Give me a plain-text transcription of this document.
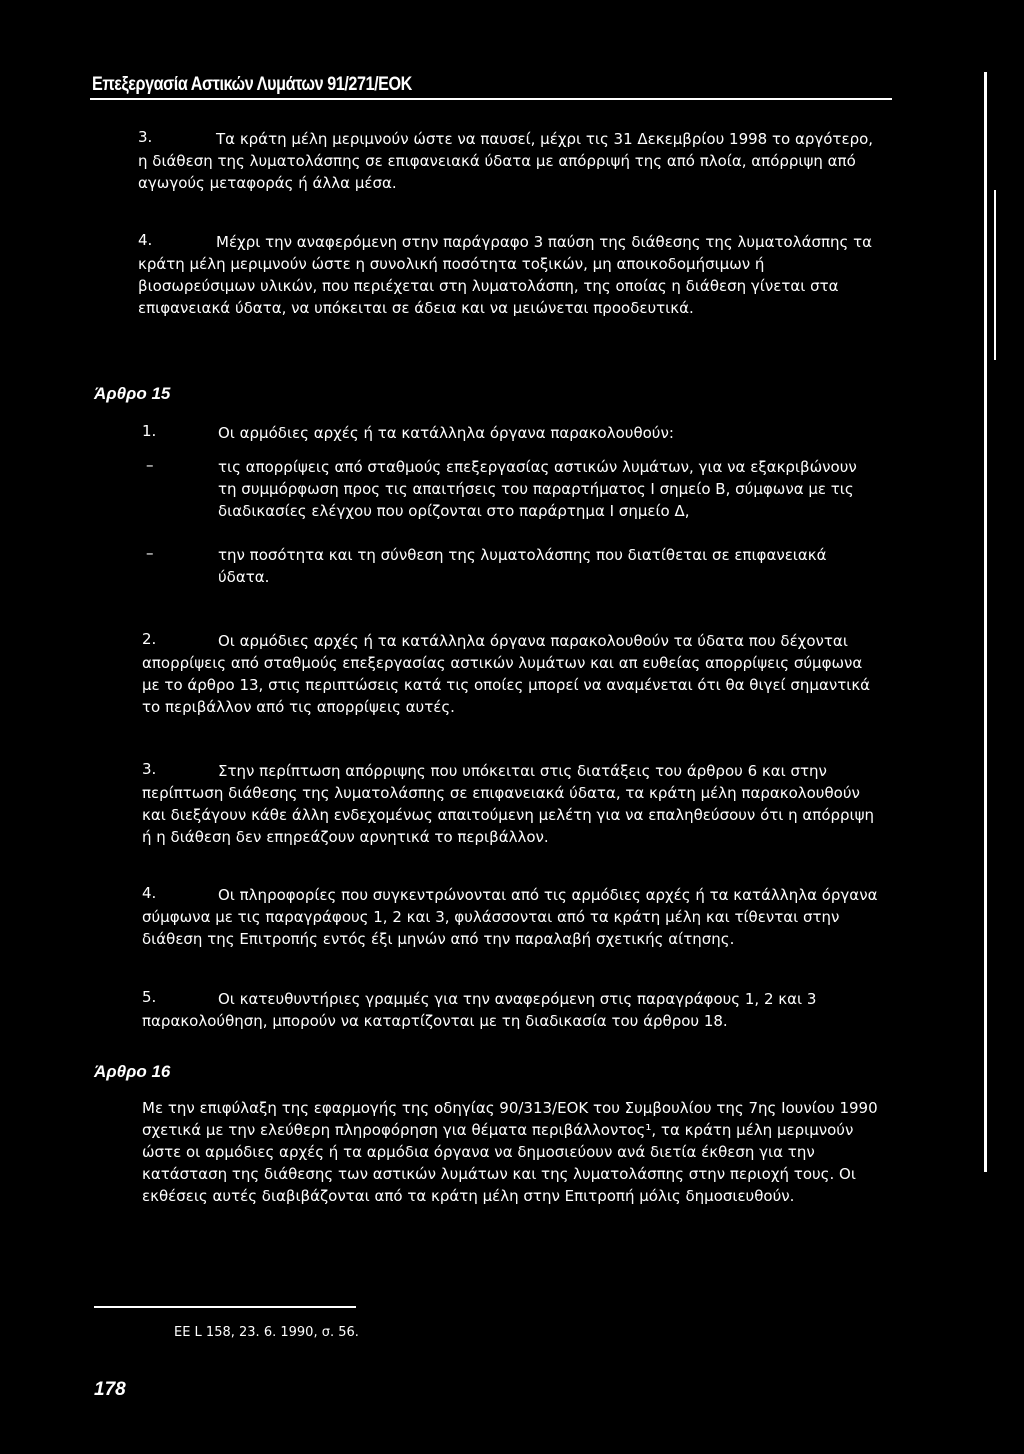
Επεξεργασία Αστικών Λυμάτων 91/271/ΕΟΚ
3.	Τα κράτη μέλη μεριμνούν ώστε να παυσεί, μέχρι τις 31 Δεκεμβρίου 1998 το αργότερο, η διάθεση της λυματολάσπης σε επιφανειακά ύδατα με απόρριψή της από πλοία, απόρριψη από αγωγούς μεταφοράς ή άλλα μέσα.
4.	Μέχρι την αναφερόμενη στην παράγραφο 3 παύση της διάθεσης της λυματολάσπης τα κράτη μέλη μεριμνούν ώστε η συνολική ποσότητα τοξικών, μη αποικοδομήσιμων ή βιοσωρεύσιμων υλικών, που περιέχεται στη λυματολάσπη, της οποίας η διάθεση γίνεται στα επιφανειακά ύδατα, να υπόκειται σε άδεια και να μειώνεται προοδευτικά.
Άρθρο 15
1.	Οι αρμόδιες αρχές ή τα κατάλληλα όργανα παρακολουθούν:
–	τις απορρίψεις από σταθμούς επεξεργασίας αστικών λυμάτων, για να εξακριβώνουν τη συμμόρφωση προς τις απαιτήσεις του παραρτήματος I σημείο Β, σύμφωνα με τις διαδικασίες ελέγχου που ορίζονται στο παράρτημα I σημείο Δ,
–	την ποσότητα και τη σύνθεση της λυματολάσπης που διατίθεται σε επιφανειακά ύδατα.
2.	Οι αρμόδιες αρχές ή τα κατάλληλα όργανα παρακολουθούν τα ύδατα που δέχονται απορρίψεις από σταθμούς επεξεργασίας αστικών λυμάτων και απ ευθείας απορρίψεις σύμφωνα με το άρθρο 13, στις περιπτώσεις κατά τις οποίες μπορεί να αναμένεται ότι θα θιγεί σημαντικά το περιβάλλον από τις απορρίψεις αυτές.
3.	Στην περίπτωση απόρριψης που υπόκειται στις διατάξεις του άρθρου 6 και στην περίπτωση διάθεσης της λυματολάσπης σε επιφανειακά ύδατα, τα κράτη μέλη παρακολουθούν και διεξάγουν κάθε άλλη ενδεχομένως απαιτούμενη μελέτη για να επαληθεύσουν ότι η απόρριψη ή η διάθεση δεν επηρεάζουν αρνητικά το περιβάλλον.
4.	Οι πληροφορίες που συγκεντρώνονται από τις αρμόδιες αρχές ή τα κατάλληλα όργανα σύμφωνα με τις παραγράφους 1, 2 και 3, φυλάσσονται από τα κράτη μέλη και τίθενται στην διάθεση της Επιτροπής εντός έξι μηνών από την παραλαβή σχετικής αίτησης.
5.	Οι κατευθυντήριες γραμμές για την αναφερόμενη στις παραγράφους 1, 2 και 3 παρακολούθηση, μπορούν να καταρτίζονται με τη διαδικασία του άρθρου 18.
Άρθρο 16
Με την επιφύλαξη της εφαρμογής της οδηγίας 90/313/ΕΟΚ του Συμβουλίου της 7ης Ιουνίου 1990 σχετικά με την ελεύθερη πληροφόρηση για θέματα περιβάλλοντος¹, τα κράτη μέλη μεριμνούν ώστε οι αρμόδιες αρχές ή τα αρμόδια όργανα να δημοσιεύουν ανά διετία έκθεση για την κατάσταση της διάθεσης των αστικών λυμάτων και της λυματολάσπης στην περιοχή τους. Οι εκθέσεις αυτές διαβιβάζονται από τα κράτη μέλη στην Επιτροπή μόλις δημοσιευθούν.
ΕΕ L 158, 23. 6. 1990, σ. 56.
178
